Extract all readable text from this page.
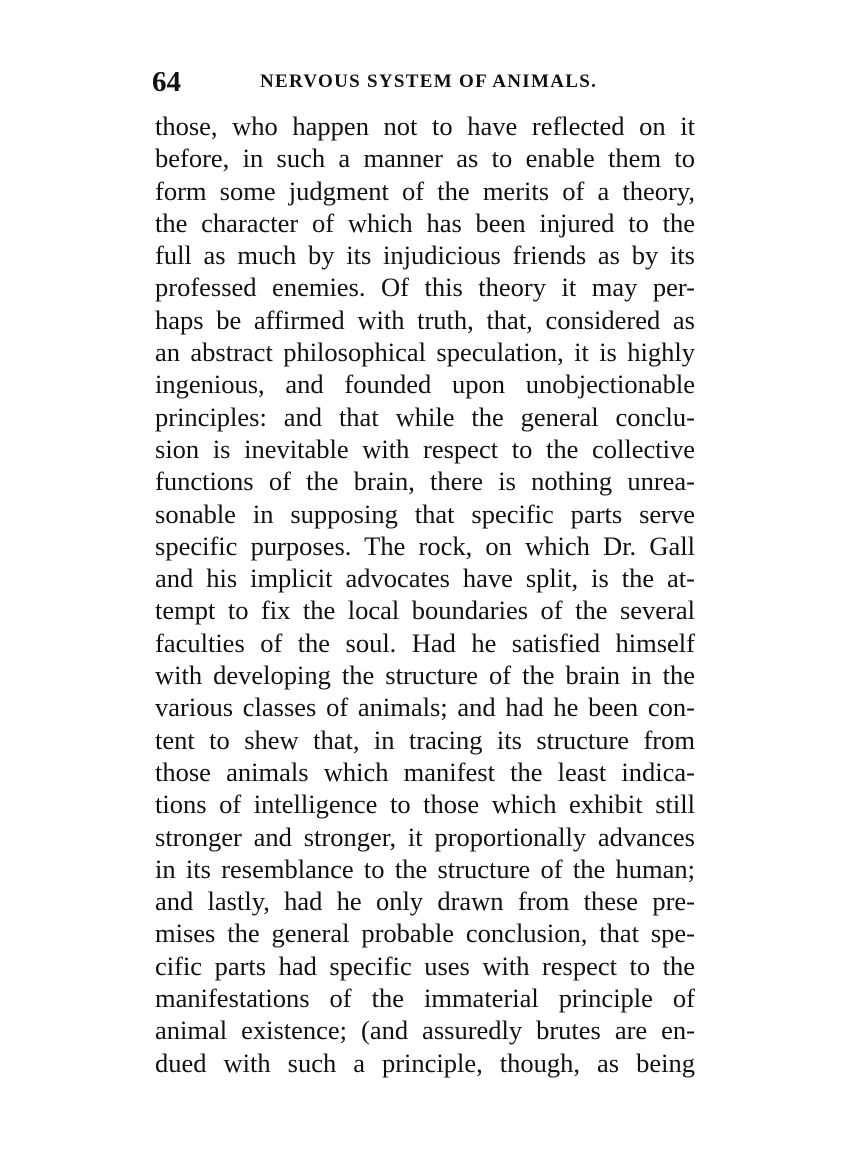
64	NERVOUS SYSTEM OF ANIMALS.
those, who happen not to have reflected on it
before, in such a manner as to enable them to
form some judgment of the merits of a theory,
the character of which has been injured to the
full as much by its injudicious friends as by its
professed enemies. Of this theory it may per-
haps be affirmed with truth, that, considered as
an abstract philosophical speculation, it is highly
ingenious, and founded upon unobjectionable
principles: and that while the general conclu-
sion is inevitable with respect to the collective
functions of the brain, there is nothing unrea-
sonable in supposing that specific parts serve
specific purposes. The rock, on which Dr. Gall
and his implicit advocates have split, is the at-
tempt to fix the local boundaries of the several
faculties of the soul. Had he satisfied himself
with developing the structure of the brain in the
various classes of animals; and had he been con-
tent to shew that, in tracing its structure from
those animals which manifest the least indica-
tions of intelligence to those which exhibit still
stronger and stronger, it proportionally advances
in its resemblance to the structure of the human;
and lastly, had he only drawn from these pre-
mises the general probable conclusion, that spe-
cific parts had specific uses with respect to the
manifestations of the immaterial principle of
animal existence; (and assuredly brutes are en-
dued with such a principle, though, as being
